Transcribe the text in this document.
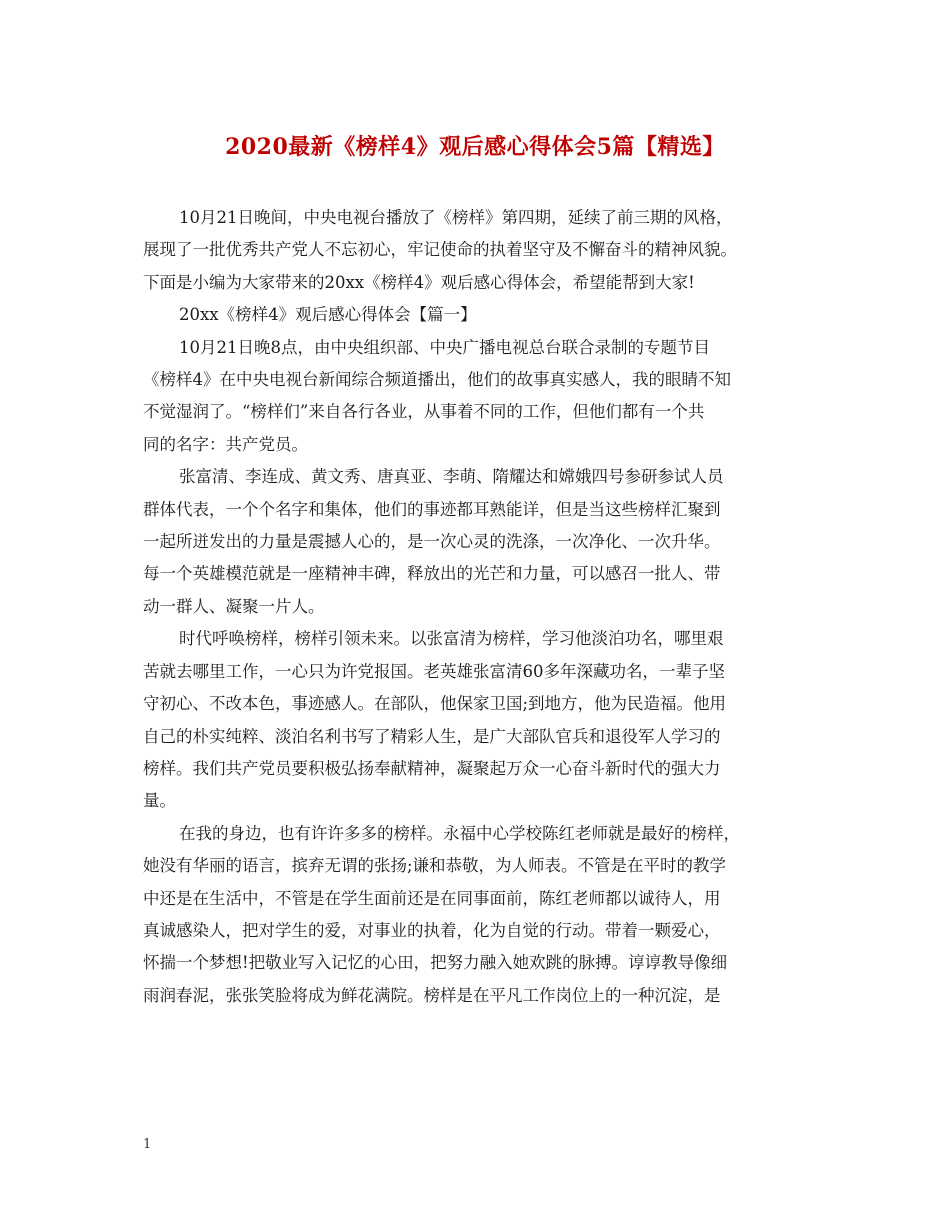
2020最新《榜样4》观后感心得体会5篇【精选】

10月21日晚间，中央电视台播放了《榜样》第四期，延续了前三期的风格，
展现了一批优秀共产党人不忘初心，牢记使命的执着坚守及不懈奋斗的精神风貌。
下面是小编为大家带来的20xx《榜样4》观后感心得体会，希望能帮到大家!

20xx《榜样4》观后感心得体会【篇一】

10月21日晚8点，由中央组织部、中央广播电视总台联合录制的专题节目
《榜样4》在中央电视台新闻综合频道播出，他们的故事真实感人，我的眼睛不知
不觉湿润了。“榜样们”来自各行各业，从事着不同的工作，但他们都有一个共
同的名字：共产党员。

张富清、李连成、黄文秀、唐真亚、李萌、隋耀达和嫦娥四号参研参试人员
群体代表，一个个名字和集体，他们的事迹都耳熟能详，但是当这些榜样汇聚到
一起所迸发出的力量是震撼人心的，是一次心灵的洗涤，一次净化、一次升华。
每一个英雄模范就是一座精神丰碑，释放出的光芒和力量，可以感召一批人、带
动一群人、凝聚一片人。

时代呼唤榜样，榜样引领未来。以张富清为榜样，学习他淡泊功名，哪里艰
苦就去哪里工作，一心只为许党报国。老英雄张富清60多年深藏功名，一辈子坚
守初心、不改本色，事迹感人。在部队，他保家卫国;到地方，他为民造福。他用
自己的朴实纯粹、淡泊名利书写了精彩人生，是广大部队官兵和退役军人学习的
榜样。我们共产党员要积极弘扬奉献精神，凝聚起万众一心奋斗新时代的强大力
量。

在我的身边，也有许许多多的榜样。永福中心学校陈红老师就是最好的榜样，
她没有华丽的语言，摈弃无谓的张扬;谦和恭敬，为人师表。不管是在平时的教学
中还是在生活中，不管是在学生面前还是在同事面前，陈红老师都以诚待人，用
真诚感染人，把对学生的爱，对事业的执着，化为自觉的行动。带着一颗爱心，
怀揣一个梦想!把敬业写入记忆的心田，把努力融入她欢跳的脉搏。谆谆教导像细
雨润春泥，张张笑脸将成为鲜花满院。榜样是在平凡工作岗位上的一种沉淀，是

1
